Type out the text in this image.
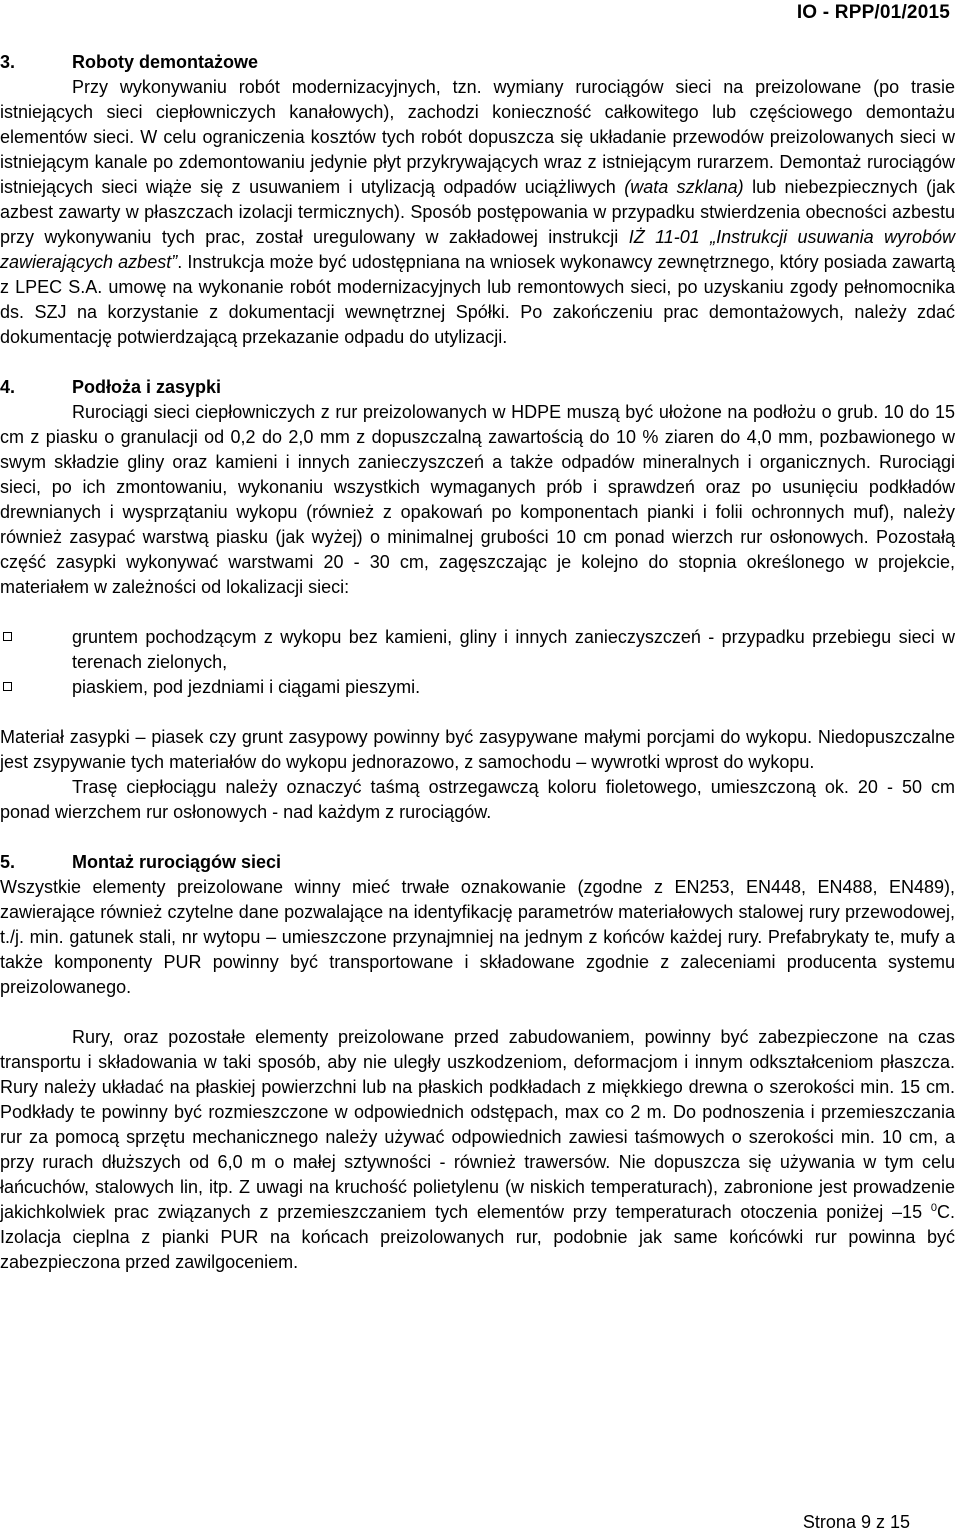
IO - RPP/01/2015
3.	Roboty demontażowe

Przy wykonywaniu robót modernizacyjnych, tzn. wymiany rurociągów sieci na preizolowane (po trasie istniejących sieci ciepłowniczych kanałowych), zachodzi konieczność całkowitego lub częściowego demontażu elementów sieci. W celu ograniczenia kosztów tych robót dopuszcza się układanie przewodów preizolowanych sieci w istniejącym kanale po zdemontowaniu jedynie płyt przykrywających wraz z istniejącym rurarzem. Demontaż rurociągów istniejących sieci wiąże się z usuwaniem i utylizacją odpadów uciążliwych (wata szklana) lub niebezpiecznych (jak azbest zawarty w płaszczach izolacji termicznych). Sposób postępowania w przypadku stwierdzenia obecności azbestu przy wykonywaniu tych prac, został uregulowany w zakładowej instrukcji IŻ 11-01 „Instrukcji usuwania wyrobów zawierających azbest”. Instrukcja może być udostępniana na wniosek wykonawcy zewnętrznego, który posiada zawartą z LPEC S.A. umowę na wykonanie robót modernizacyjnych lub remontowych sieci, po uzyskaniu zgody pełnomocnika ds. SZJ na korzystanie z dokumentacji wewnętrznej Spółki. Po zakończeniu prac demontażowych, należy zdać dokumentację potwierdzającą przekazanie odpadu do utylizacji.

4.	Podłoża i zasypki

Rurociągi sieci ciepłowniczych z rur preizolowanych w HDPE muszą być ułożone na podłożu o grub. 10 do 15 cm z piasku o granulacji od 0,2 do 2,0 mm z dopuszczalną zawartością do 10 % ziaren do 4,0 mm, pozbawionego w swym składzie gliny oraz kamieni i innych zanieczyszczeń a także odpadów mineralnych i organicznych. Rurociągi sieci, po ich zmontowaniu, wykonaniu wszystkich wymaganych prób i sprawdzeń oraz po usunięciu podkładów drewnianych i wysprzątaniu wykopu (również z opakowań po komponentach pianki i folii ochronnych muf), należy również zasypać warstwą piasku (jak wyżej) o minimalnej grubości 10 cm ponad wierzch rur osłonowych. Pozostałą część zasypki wykonywać warstwami 20 - 30 cm, zagęszczając je kolejno do stopnia określonego w projekcie, materiałem w zależności od lokalizacji sieci:

gruntem pochodzącym z wykopu bez kamieni, gliny i innych zanieczyszczeń - przypadku przebiegu sieci w terenach zielonych,
piaskiem, pod jezdniami i ciągami pieszymi.

Materiał zasypki – piasek czy grunt zasypowy powinny być zasypywane małymi porcjami do wykopu. Niedopuszczalne jest zsypywanie tych materiałów do wykopu jednorazowo, z samochodu – wywrotki wprost do wykopu.

Trasę ciepłociągu należy oznaczyć taśmą ostrzegawczą koloru fioletowego, umieszczoną ok. 20 - 50 cm ponad wierzchem rur osłonowych - nad każdym z rurociągów.

5.	Montaż rurociągów sieci

Wszystkie elementy preizolowane winny mieć trwałe oznakowanie (zgodne z EN253, EN448, EN488, EN489), zawierające również czytelne dane pozwalające na identyfikację parametrów materiałowych stalowej rury przewodowej, t./j. min. gatunek stali, nr wytopu – umieszczone przynajmniej na jednym z końców każdej rury. Prefabrykaty te, mufy a także komponenty PUR powinny być transportowane i składowane zgodnie z zaleceniami producenta systemu preizolowanego.

Rury, oraz pozostałe elementy preizolowane przed zabudowaniem, powinny być zabezpieczone na czas transportu i składowania w taki sposób, aby nie uległy uszkodzeniom, deformacjom i innym odkształceniom płaszcza. Rury należy układać na płaskiej powierzchni lub na płaskich podkładach z miękkiego drewna o szerokości min. 15 cm. Podkłady te powinny być rozmieszczone w odpowiednich odstępach, max co 2 m. Do podnoszenia i przemieszczania rur za pomocą sprzętu mechanicznego należy używać odpowiednich zawiesi taśmowych o szerokości min. 10 cm, a przy rurach dłuższych od 6,0 m o małej sztywności - również trawersów. Nie dopuszcza się używania w tym celu łańcuchów, stalowych lin, itp. Z uwagi na kruchość polietylenu (w niskich temperaturach), zabronione jest prowadzenie jakichkolwiek prac związanych z przemieszczaniem tych elementów przy temperaturach otoczenia poniżej –15 $^0$C. Izolacja cieplna z pianki PUR na końcach preizolowanych rur, podobnie jak same końcówki rur powinna być zabezpieczona przed zawilgoceniem.

Strona 9 z 15
